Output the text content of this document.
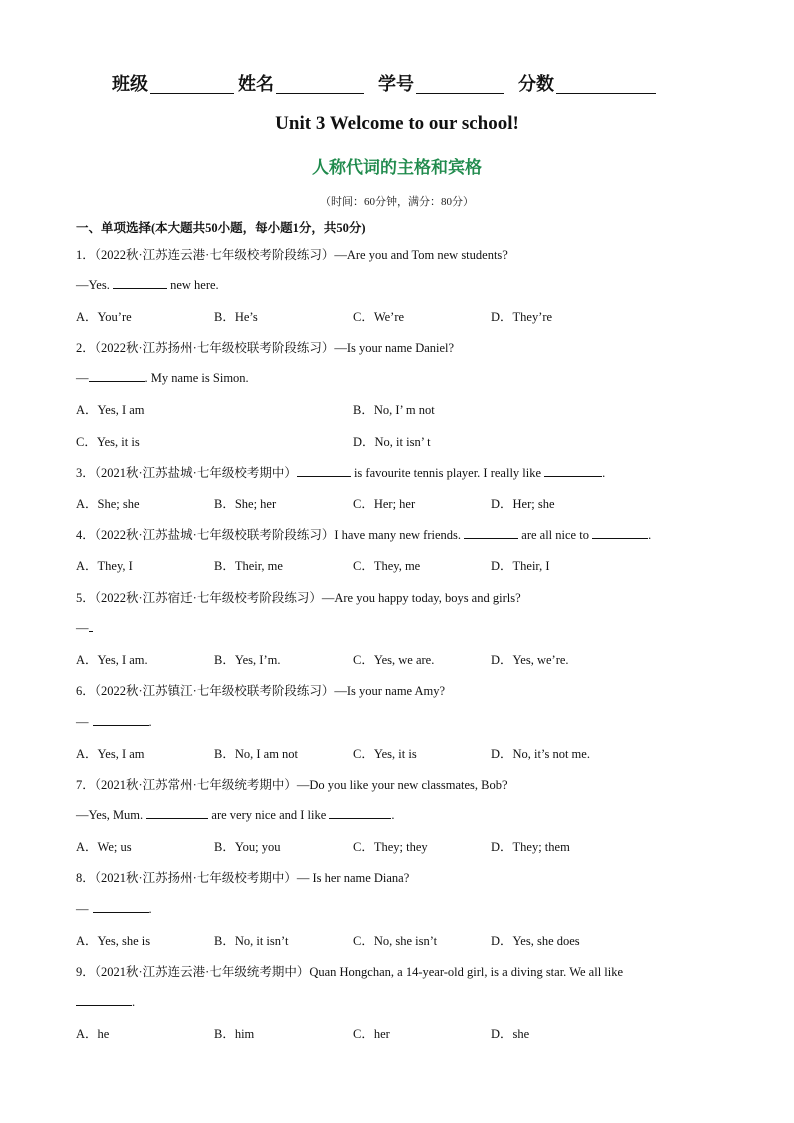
班级	姓名	学号	分数
Unit 3 Welcome to our school!
人称代词的主格和宾格
（时间：60分钟，满分：80分）
一、单项选择(本大题共50小题，每小题1分，共50分)
1．（2022秋·江苏连云港·七年级校考阶段练习）—Are you and Tom new students?
—Yes.	new here.
A．You’re	B．He’s	C．We’re	D．They’re
2．（2022秋·江苏扬州·七年级校联考阶段练习）—Is your name Daniel?
—	. My name is Simon.
A．Yes, I am	B．No, I’ m not
C．Yes, it is	D．No, it isn’ t
3．（2021秋·江苏盐城·七年级校考期中）	is favourite tennis player. I really like	.
A．She; she	B．She; her	C．Her; her	D．Her; she
4．（2022秋·江苏盐城·七年级校联考阶段练习）I have many new friends.	are all nice to	.
A．They, I	B．Their, me	C．They, me	D．Their, I
5．（2022秋·江苏宿迁·七年级校考阶段练习）—Are you happy today, boys and girls?
—
A．Yes, I am.	B．Yes, I’m.	C．Yes, we are.	D．Yes, we’re.
6．（2022秋·江苏镇江·七年级校联考阶段练习）—Is your name Amy?
—	.
A．Yes, I am	B．No, I am not	C．Yes, it is	D．No, it’s not me.
7．（2021秋·江苏常州·七年级统考期中）—Do you like your new classmates, Bob?
—Yes, Mum.	are very nice and I like	.
A．We; us	B．You; you	C．They; they	D．They; them
8．（2021秋·江苏扬州·七年级校考期中）— Is her name Diana?
—	.
A．Yes, she is	B．No, it isn’t	C．No, she isn’t	D．Yes, she does
9．（2021秋·江苏连云港·七年级统考期中）Quan Hongchan, a 14-year-old girl, is a diving star. We all like
.
A．he	B．him	C．her	D．she
